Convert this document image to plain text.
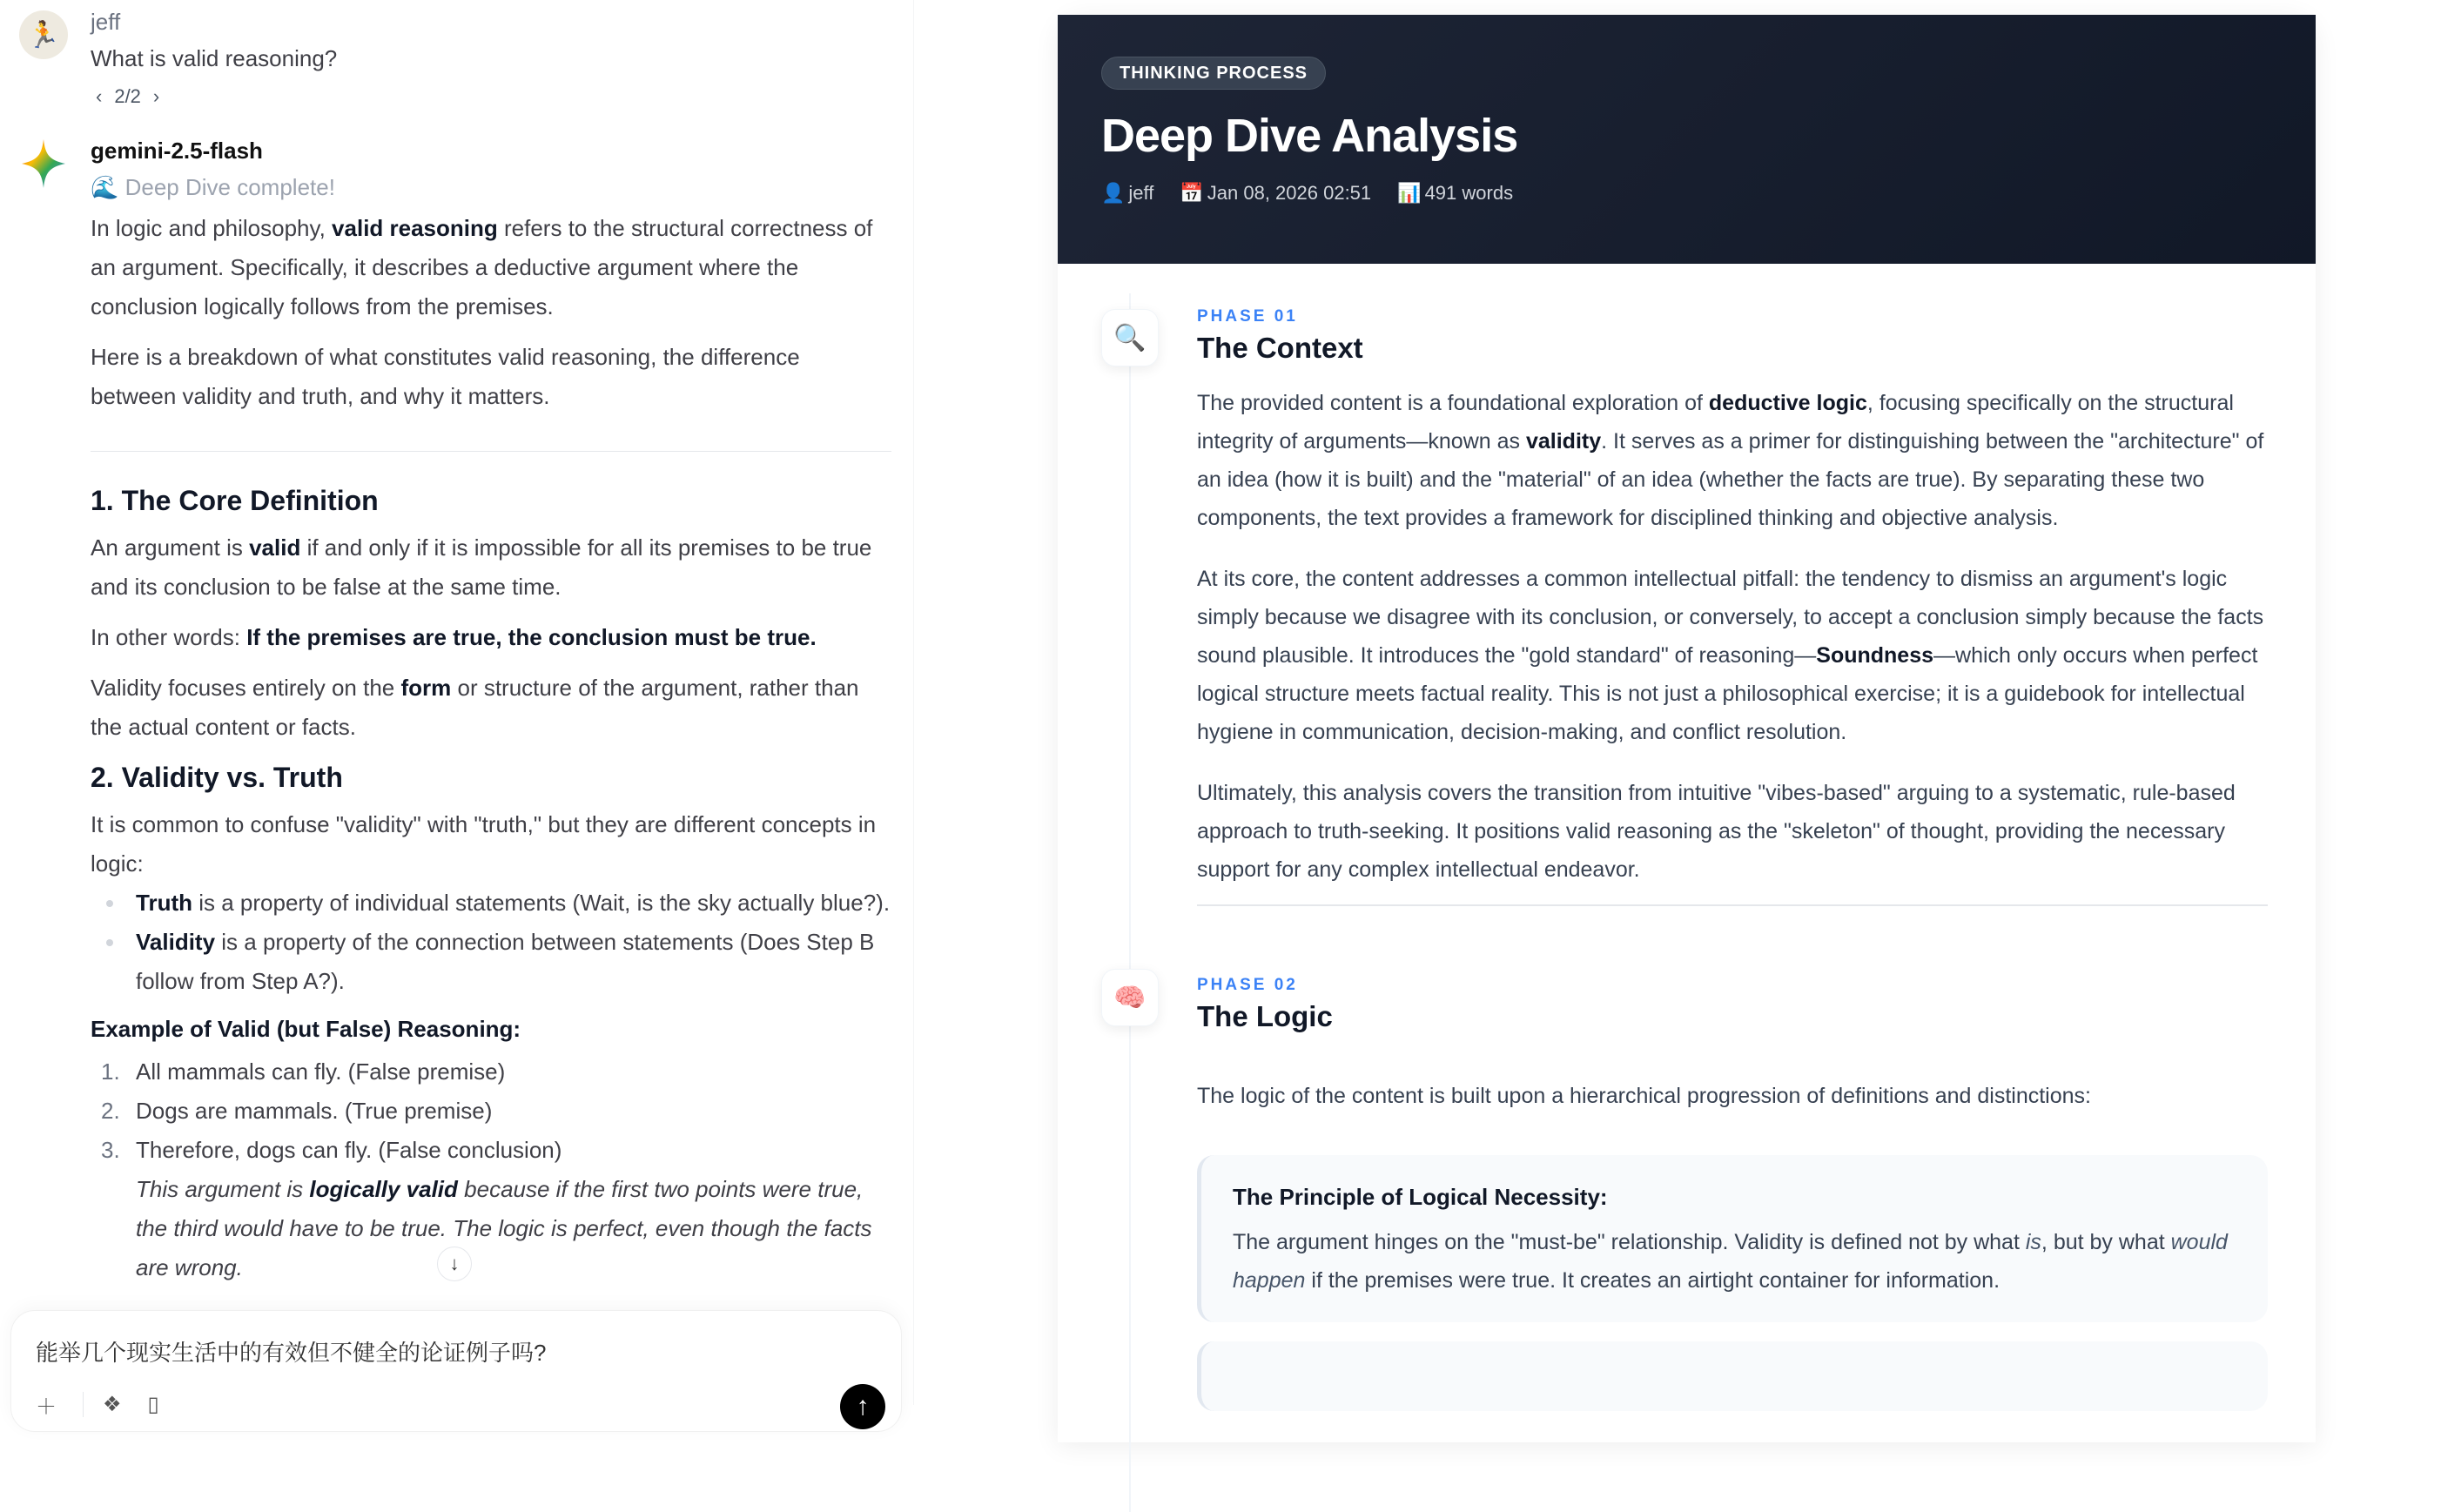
🏃 jeff
What is valid reasoning?
‹ 2/2 ›
gemini-2.5-flash
🌊 Deep Dive complete!

In logic and philosophy, valid reasoning refers to the structural correctness of an argument. Specifically, it describes a deductive argument where the conclusion logically follows from the premises.

Here is a breakdown of what constitutes valid reasoning, the difference between validity and truth, and why it matters.

1. The Core Definition

An argument is valid if and only if it is impossible for all its premises to be true and its conclusion to be false at the same time.

In other words: If the premises are true, the conclusion must be true.

Validity focuses entirely on the form or structure of the argument, rather than the actual content or facts.

2. Validity vs. Truth

It is common to confuse "validity" with "truth," but they are different concepts in logic:

Truth is a property of individual statements (Wait, is the sky actually blue?).
Validity is a property of the connection between statements (Does Step B follow from Step A?).

Example of Valid (but False) Reasoning:

1. All mammals can fly. (False premise)
2. Dogs are mammals. (True premise)
3. Therefore, dogs can fly. (False conclusion)
This argument is logically valid because if the first two points were true, the third would have to be true. The logic is perfect, even though the facts are wrong.	↓
能举几个现实生活中的有效但不健全的论证例子吗?
＋	❖ ▯	↑
THINKING PROCESS
Deep Dive Analysis
👤 jeff 📅 Jan 08, 2026 02:51 📊 491 words
🔍
PHASE 01
The Context

The provided content is a foundational exploration of deductive logic, focusing specifically on the structural integrity of arguments—known as validity. It serves as a primer for distinguishing between the "architecture" of an idea (how it is built) and the "material" of an idea (whether the facts are true). By separating these two components, the text provides a framework for disciplined thinking and objective analysis.

At its core, the content addresses a common intellectual pitfall: the tendency to dismiss an argument's logic simply because we disagree with its conclusion, or conversely, to accept a conclusion simply because the facts sound plausible. It introduces the "gold standard" of reasoning—Soundness—which only occurs when perfect logical structure meets factual reality. This is not just a philosophical exercise; it is a guidebook for intellectual hygiene in communication, decision-making, and conflict resolution.

Ultimately, this analysis covers the transition from intuitive "vibes-based" arguing to a systematic, rule-based approach to truth-seeking. It positions valid reasoning as the "skeleton" of thought, providing the necessary support for any complex intellectual endeavor.

🧠	PHASE 02
The Logic

The logic of the content is built upon a hierarchical progression of definitions and distinctions:

The Principle of Logical Necessity:
The argument hinges on the "must-be" relationship. Validity is defined not by what is, but by what would happen if the premises were true. It creates an airtight container for information.
